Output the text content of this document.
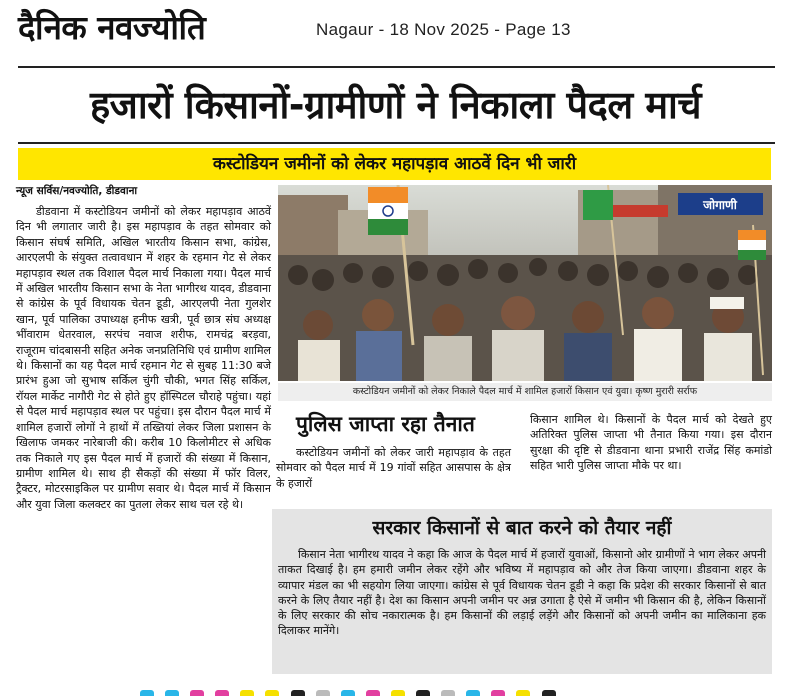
दैनिक नवज्योति	Nagaur - 18 Nov 2025 - Page 13
हजारों किसानों-ग्रामीणों ने निकाला पैदल मार्च
कस्टोडियन जमीनों को लेकर महापड़ाव आठवें दिन भी जारी
न्यूज सर्विस/नवज्योति, डीडवाना

डीडवाना में कस्टोडियन जमीनों को लेकर महापड़ाव आठवें दिन भी लगातार जारी है। इस महापड़ाव के तहत सोमवार को किसान संघर्ष समिति, अखिल भारतीय किसान सभा, कांग्रेस, आरएलपी के संयुक्त तत्वावधान में शहर के रहमान गेट से लेकर महापड़ाव स्थल तक विशाल पैदल मार्च निकाला गया। पैदल मार्च में अखिल भारतीय किसान सभा के नेता भागीरथ यादव, डीडवाना से कांग्रेस के पूर्व विधायक चेतन डूडी, आरएलपी नेता गुलशेर खान, पूर्व पालिका उपाध्यक्ष हनीफ खत्री, पूर्व छात्र संघ अध्यक्ष भींवाराम धेतरवाल, सरपंच नवाज शरीफ, रामचंद्र बरड़वा, राजूराम चांदबासनी सहित अनेक जनप्रतिनिधि एवं ग्रामीण शामिल थे। किसानों का यह पैदल मार्च रहमान गेट से सुबह 11:30 बजे प्रारंभ हुआ जो सुभाष सर्किल चुंगी चौकी, भगत सिंह सर्किल, रॉयल मार्केट नागौरी गेट से होते हुए हॉस्पिटल चौराहे पहुंचा। यहां से पैदल मार्च महापड़ाव स्थल पर पहुंचा। इस दौरान पैदल मार्च में शामिल हजारों लोगों ने हाथों में तख्तियां लेकर जिला प्रशासन के खिलाफ जमकर नारेबाजी की। करीब 10 किलोमीटर से अधिक तक निकाले गए इस पैदल मार्च में हजारों की संख्या में किसान, ग्रामीण शामिल थे। साथ ही सैकड़ों की संख्या में फॉर विलर, ट्रैक्टर, मोटरसाइकिल पर ग्रामीण सवार थे। पैदल मार्च में किसान और युवा जिला कलक्टर का पुतला लेकर साथ चल रहे थे।

जोगाणी
कस्टोडियन जमीनों को लेकर निकाले पैदल मार्च में शामिल हजारों किसान एवं युवा। कृष्ण मुरारी सर्राफ
पुलिस जाप्ता रहा तैनात

कस्टोडियन जमीनों को लेकर जारी महापड़ाव के तहत सोमवार को पैदल मार्च में 19 गांवों सहित आसपास के क्षेत्र के हजारों

किसान शामिल थे। किसानों के पैदल मार्च को देखते हुए अतिरिक्त पुलिस जाप्ता भी तैनात किया गया। इस दौरान सुरक्षा की दृष्टि से डीडवाना थाना प्रभारी राजेंद्र सिंह कमांडो सहित भारी पुलिस जाप्ता मौके पर था।

सरकार किसानों से बात करने को तैयार नहीं

किसान नेता भागीरथ यादव ने कहा कि आज के पैदल मार्च में हजारों युवाओं, किसानो ओर ग्रामीणों ने भाग लेकर अपनी ताकत दिखाई है। हम हमारी जमीन लेकर रहेंगे और भविष्य में महापड़ाव को और तेज किया जाएगा। डीडवाना शहर के व्यापार मंडल का भी सहयोग लिया जाएगा। कांग्रेस से पूर्व विधायक चेतन डूडी ने कहा कि प्रदेश की सरकार किसानों से बात करने के लिए तैयार नहीं है। देश का किसान अपनी जमीन पर अन्न उगाता है ऐसे में जमीन भी किसान की है, लेकिन किसानों के लिए सरकार की सोच नकारात्मक है। हम किसानों की लड़ाई लड़ेंगे और किसानों को अपनी जमीन का मालिकाना हक दिलाकर मानेंगे।
